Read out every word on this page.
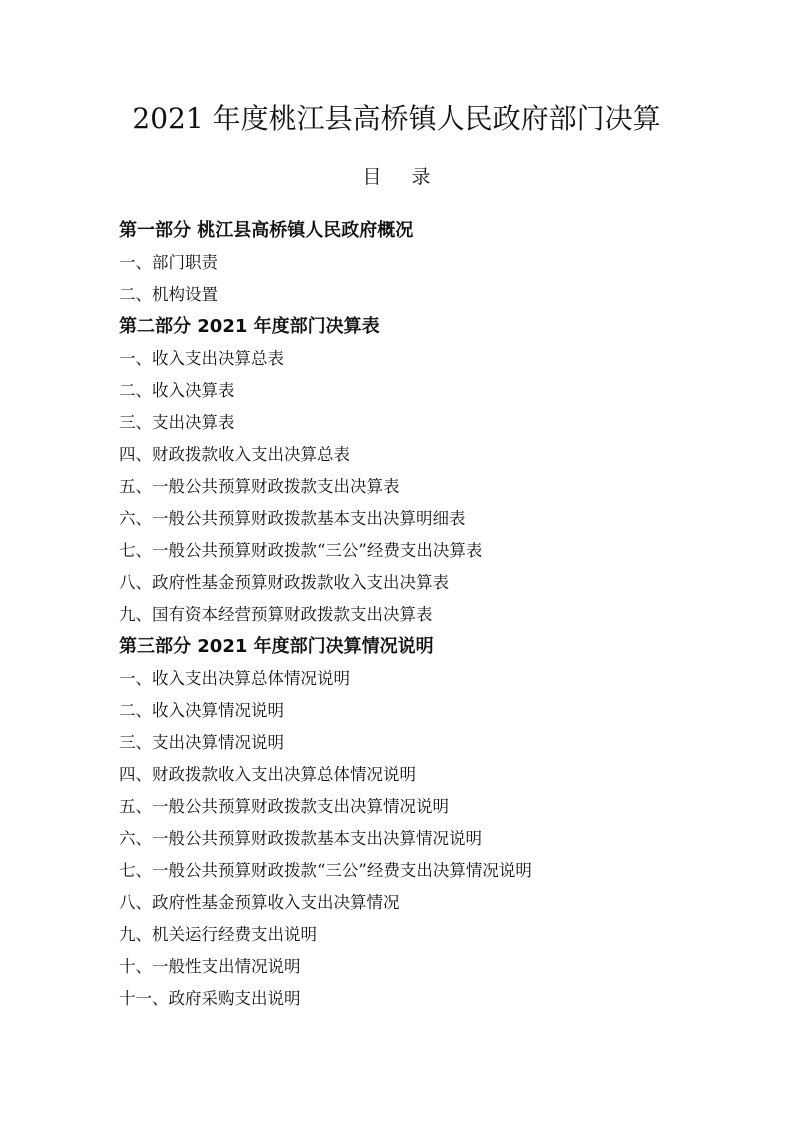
2021 年度桃江县高桥镇人民政府部门决算
目 录
第一部分 桃江县高桥镇人民政府概况
一、部门职责
二、机构设置
第二部分 2021 年度部门决算表
一、收入支出决算总表
二、收入决算表
三、支出决算表
四、财政拨款收入支出决算总表
五、一般公共预算财政拨款支出决算表
六、一般公共预算财政拨款基本支出决算明细表
七、一般公共预算财政拨款“三公”经费支出决算表
八、政府性基金预算财政拨款收入支出决算表
九、国有资本经营预算财政拨款支出决算表
第三部分 2021 年度部门决算情况说明
一、收入支出决算总体情况说明
二、收入决算情况说明
三、支出决算情况说明
四、财政拨款收入支出决算总体情况说明
五、一般公共预算财政拨款支出决算情况说明
六、一般公共预算财政拨款基本支出决算情况说明
七、一般公共预算财政拨款“三公”经费支出决算情况说明
八、政府性基金预算收入支出决算情况
九、机关运行经费支出说明
十、一般性支出情况说明
十一、政府采购支出说明
